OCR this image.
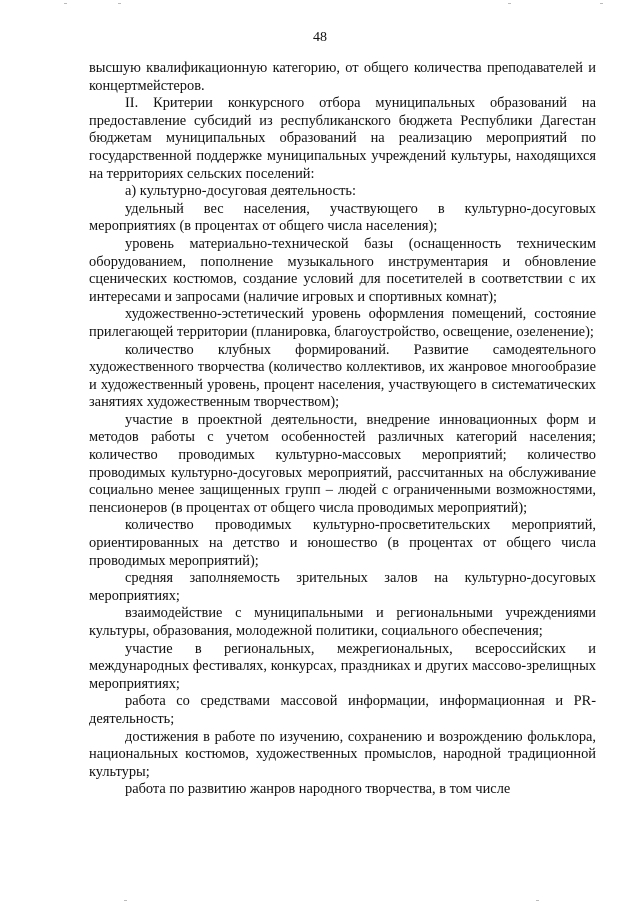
48

высшую квалификационную категорию, от общего количества преподавателей и концертмейстеров.

II. Критерии конкурсного отбора муниципальных образований на предоставление субсидий из республиканского бюджета Республики Дагестан бюджетам муниципальных образований на реализацию мероприятий по государственной поддержке муниципальных учреждений культуры, находящихся на территориях сельских поселений:

а) культурно-досуговая деятельность:

удельный вес населения, участвующего в культурно-досуговых мероприятиях (в процентах от общего числа населения);

уровень материально-технической базы (оснащенность техническим оборудованием, пополнение музыкального инструментария и обновление сценических костюмов, создание условий для посетителей в соответствии с их интересами и запросами (наличие игровых и спортивных комнат);

художественно-эстетический уровень оформления помещений, состояние прилегающей территории (планировка, благоустройство, освещение, озеленение);

количество клубных формирований. Развитие самодеятельного художественного творчества (количество коллективов, их жанровое многообразие и художественный уровень, процент населения, участвующего в систематических занятиях художественным творчеством);

участие в проектной деятельности, внедрение инновационных форм и методов работы с учетом особенностей различных категорий населения; количество проводимых культурно-массовых мероприятий; количество проводимых культурно-досуговых мероприятий, рассчитанных на обслуживание социально менее защищенных групп – людей с ограниченными возможностями, пенсионеров (в процентах от общего числа проводимых мероприятий);

количество проводимых культурно-просветительских мероприятий, ориентированных на детство и юношество (в процентах от общего числа проводимых мероприятий);

средняя заполняемость зрительных залов на культурно-досуговых мероприятиях;

взаимодействие с муниципальными и региональными учреждениями культуры, образования, молодежной политики, социального обеспечения;

участие в региональных, межрегиональных, всероссийских и международных фестивалях, конкурсах, праздниках и других массово-зрелищных мероприятиях;

работа со средствами массовой информации, информационная и PR-деятельность;

достижения в работе по изучению, сохранению и возрождению фольклора, национальных костюмов, художественных промыслов, народной традиционной культуры;

работа по развитию жанров народного творчества, в том числе
